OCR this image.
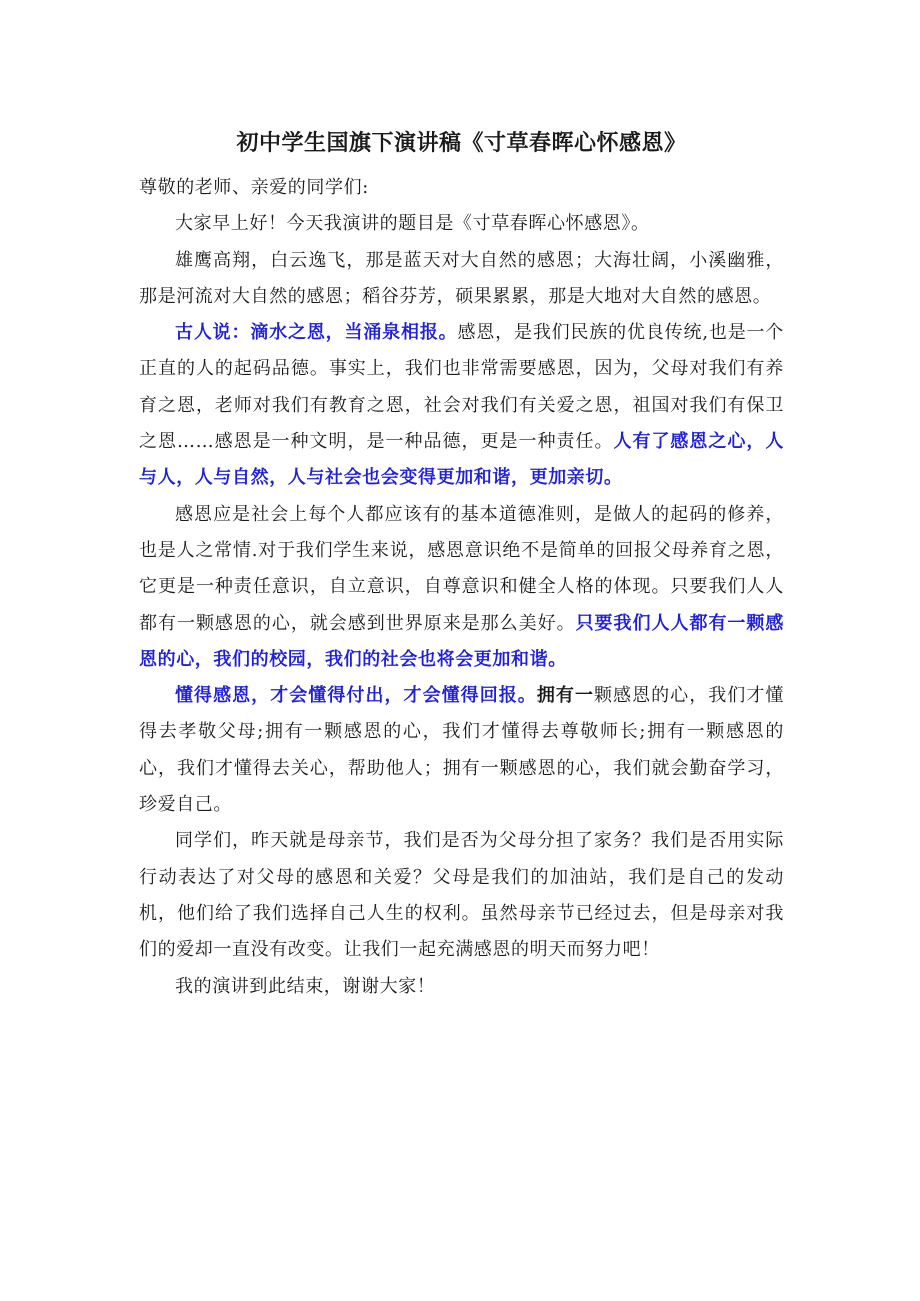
初中学生国旗下演讲稿《寸草春晖心怀感恩》

尊敬的老师、亲爱的同学们:

大家早上好！今天我演讲的题目是《寸草春晖心怀感恩》。

雄鹰高翔，白云逸飞，那是蓝天对大自然的感恩；大海壮阔，小溪幽雅，那是河流对大自然的感恩；稻谷芬芳，硕果累累，那是大地对大自然的感恩。

古人说：滴水之恩，当涌泉相报。感恩，是我们民族的优良传统,也是一个正直的人的起码品德。事实上，我们也非常需要感恩，因为，父母对我们有养育之恩，老师对我们有教育之恩，社会对我们有关爱之恩，祖国对我们有保卫之恩……感恩是一种文明，是一种品德，更是一种责任。人有了感恩之心，人与人，人与自然，人与社会也会变得更加和谐，更加亲切。

感恩应是社会上每个人都应该有的基本道德准则，是做人的起码的修养，也是人之常情.对于我们学生来说，感恩意识绝不是简单的回报父母养育之恩，它更是一种责任意识，自立意识，自尊意识和健全人格的体现。只要我们人人都有一颗感恩的心，就会感到世界原来是那么美好。只要我们人人都有一颗感恩的心，我们的校园，我们的社会也将会更加和谐。

懂得感恩，才会懂得付出，才会懂得回报。拥有一颗感恩的心，我们才懂得去孝敬父母;拥有一颗感恩的心，我们才懂得去尊敬师长;拥有一颗感恩的心，我们才懂得去关心，帮助他人；拥有一颗感恩的心，我们就会勤奋学习，珍爱自己。

同学们，昨天就是母亲节，我们是否为父母分担了家务？我们是否用实际行动表达了对父母的感恩和关爱？父母是我们的加油站，我们是自己的发动机，他们给了我们选择自己人生的权利。虽然母亲节已经过去，但是母亲对我们的爱却一直没有改变。让我们一起充满感恩的明天而努力吧！

我的演讲到此结束，谢谢大家！
